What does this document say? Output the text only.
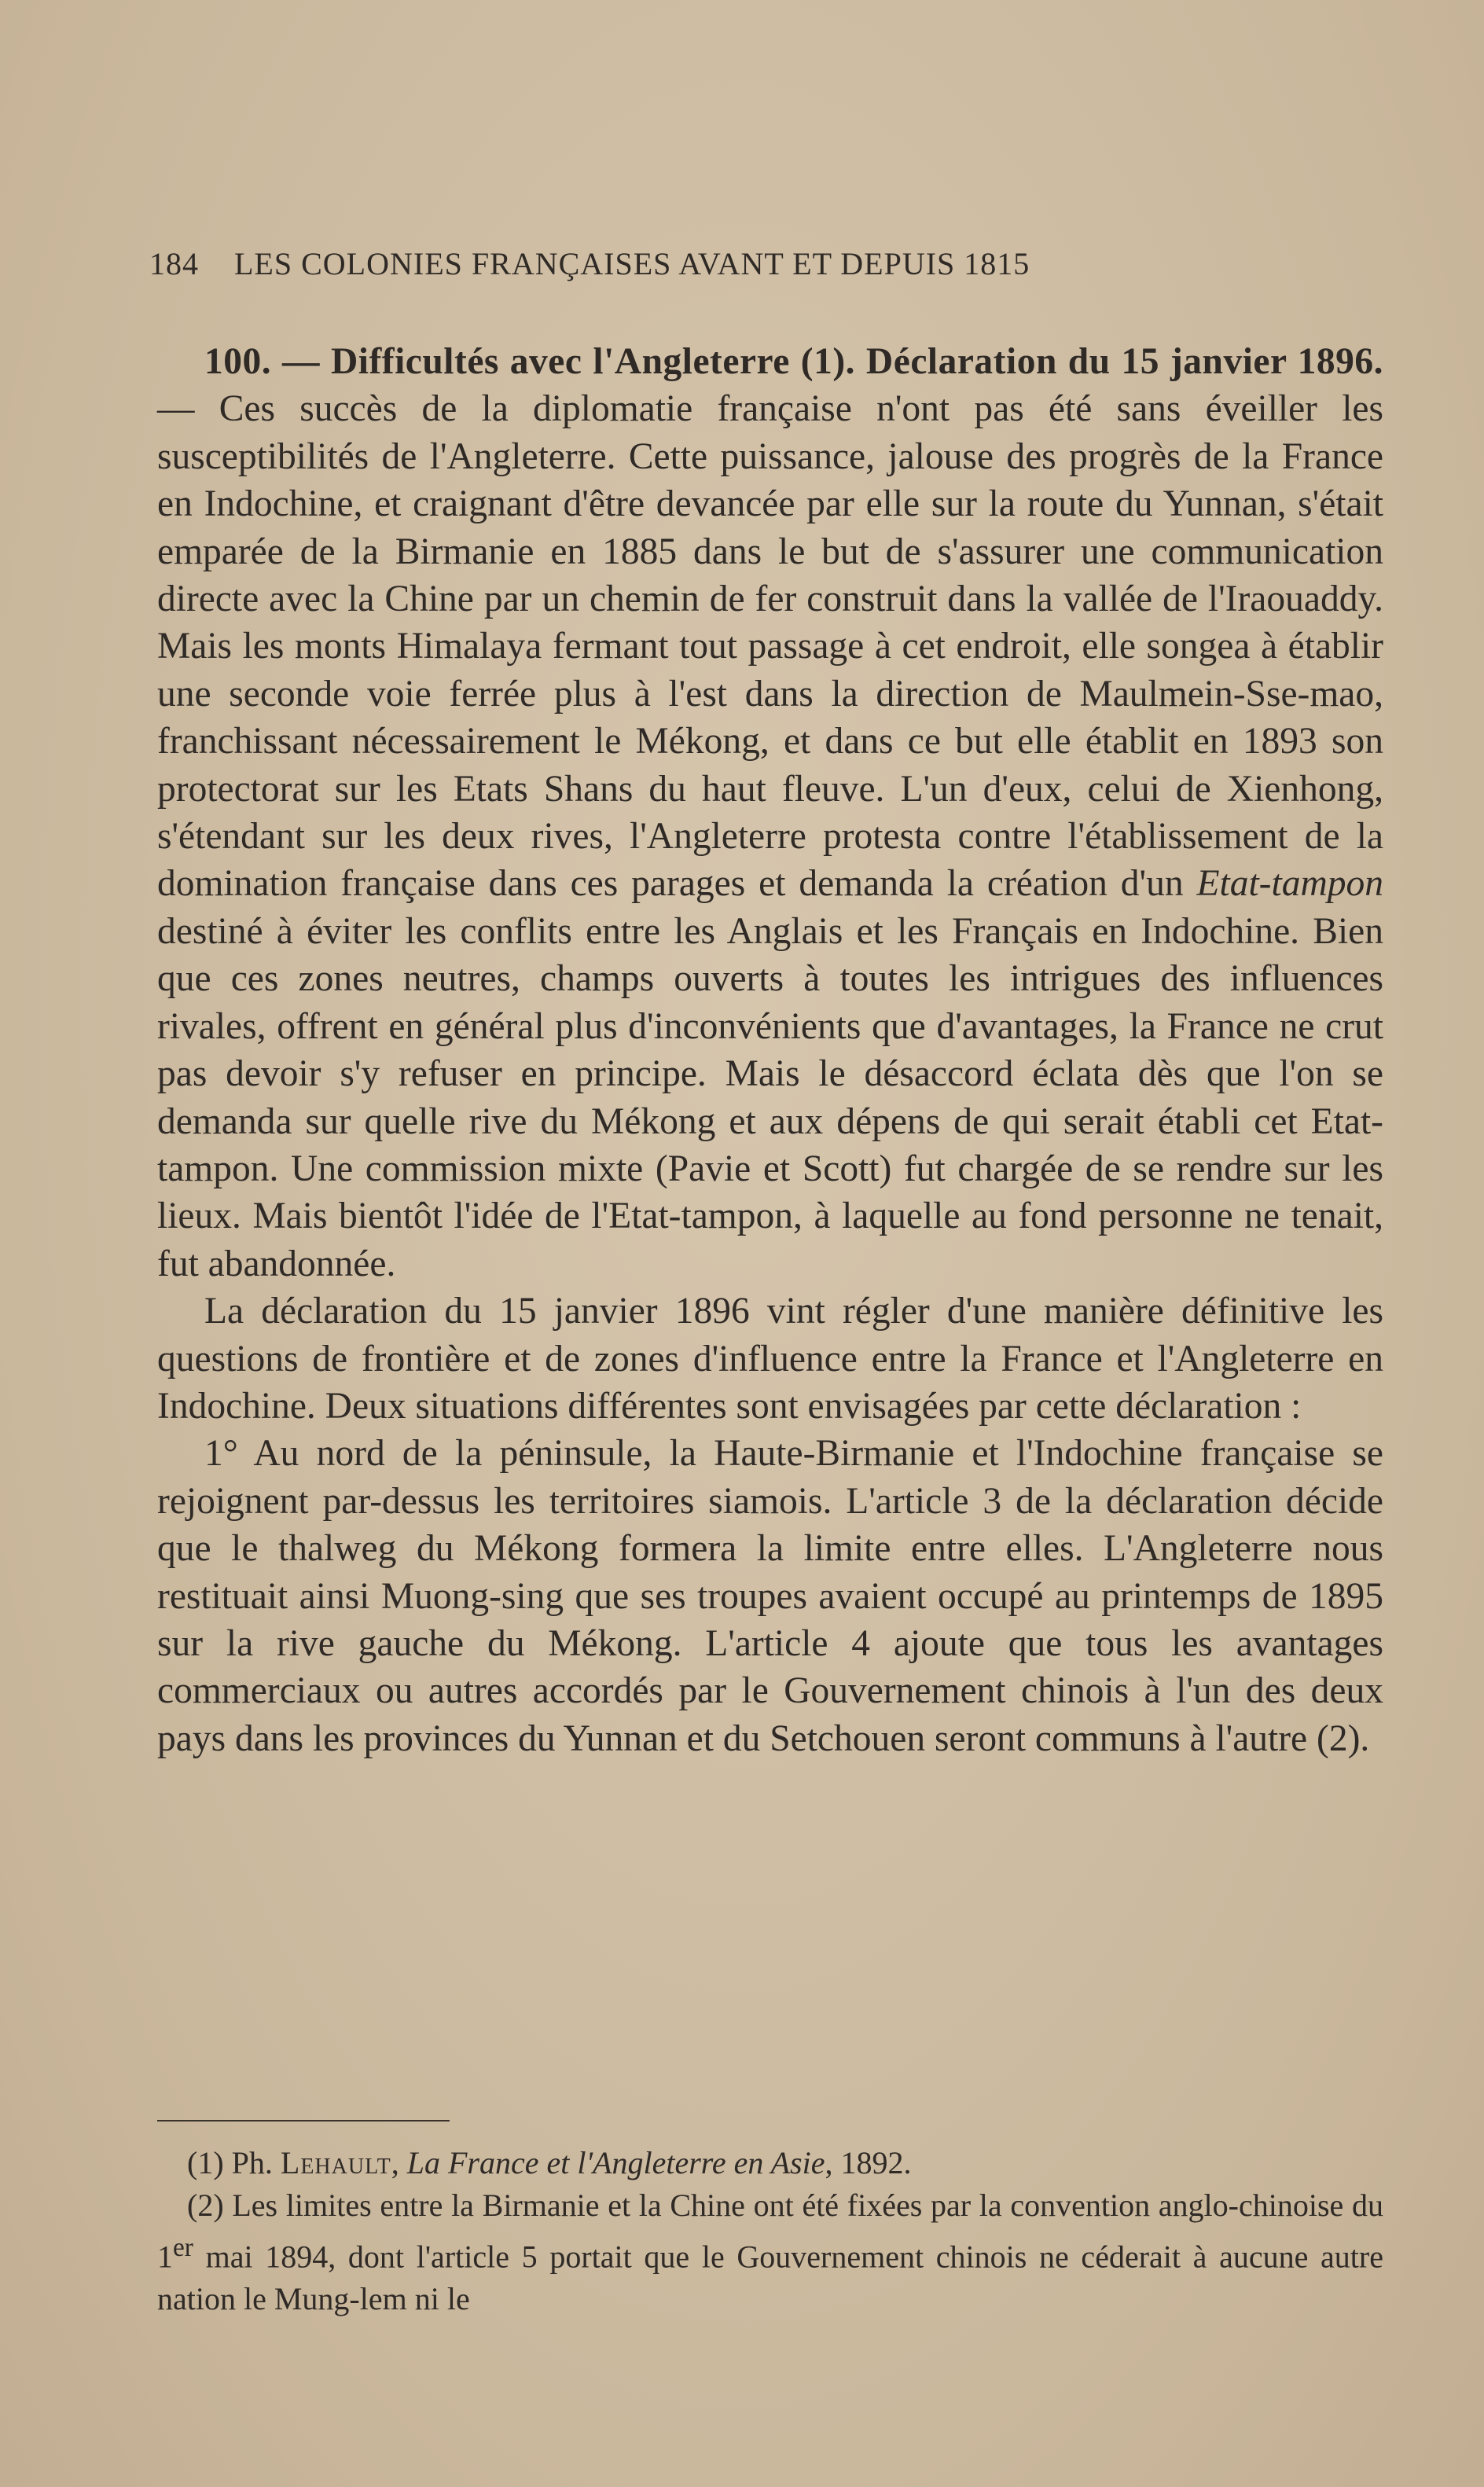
184 LES COLONIES FRANÇAISES AVANT ET DEPUIS 1815

100. — Difficultés avec l'Angleterre (1). Déclaration du 15 janvier 1896. — Ces succès de la diplomatie française n'ont pas été sans éveiller les susceptibilités de l'Angleterre. Cette puissance, jalouse des progrès de la France en Indochine, et craignant d'être devancée par elle sur la route du Yunnan, s'était emparée de la Birmanie en 1885 dans le but de s'assurer une communication directe avec la Chine par un chemin de fer construit dans la vallée de l'Iraouaddy. Mais les monts Himalaya fermant tout passage à cet endroit, elle songea à établir une seconde voie ferrée plus à l'est dans la direction de Maulmein-Sse-mao, franchissant nécessairement le Mékong, et dans ce but elle établit en 1893 son protectorat sur les Etats Shans du haut fleuve. L'un d'eux, celui de Xienhong, s'étendant sur les deux rives, l'Angleterre protesta contre l'établissement de la domination française dans ces parages et demanda la création d'un Etat-tampon destiné à éviter les conflits entre les Anglais et les Français en Indochine. Bien que ces zones neutres, champs ouverts à toutes les intrigues des influences rivales, offrent en général plus d'inconvénients que d'avantages, la France ne crut pas devoir s'y refuser en principe. Mais le désaccord éclata dès que l'on se demanda sur quelle rive du Mékong et aux dépens de qui serait établi cet Etat-tampon. Une commission mixte (Pavie et Scott) fut chargée de se rendre sur les lieux. Mais bientôt l'idée de l'Etat-tampon, à laquelle au fond personne ne tenait, fut abandonnée.

La déclaration du 15 janvier 1896 vint régler d'une manière définitive les questions de frontière et de zones d'influence entre la France et l'Angleterre en Indochine. Deux situations différentes sont envisagées par cette déclaration :

1° Au nord de la péninsule, la Haute-Birmanie et l'Indochine française se rejoignent par-dessus les territoires siamois. L'article 3 de la déclaration décide que le thalweg du Mékong formera la limite entre elles. L'Angleterre nous restituait ainsi Muong-sing que ses troupes avaient occupé au printemps de 1895 sur la rive gauche du Mékong. L'article 4 ajoute que tous les avantages commerciaux ou autres accordés par le Gouvernement chinois à l'un des deux pays dans les provinces du Yunnan et du Setchouen seront communs à l'autre (2).

(1) Ph. Lehault, La France et l'Angleterre en Asie, 1892.

(2) Les limites entre la Birmanie et la Chine ont été fixées par la convention anglo-chinoise du 1er mai 1894, dont l'article 5 portait que le Gouvernement chinois ne céderait à aucune autre nation le Mung-lem ni le
